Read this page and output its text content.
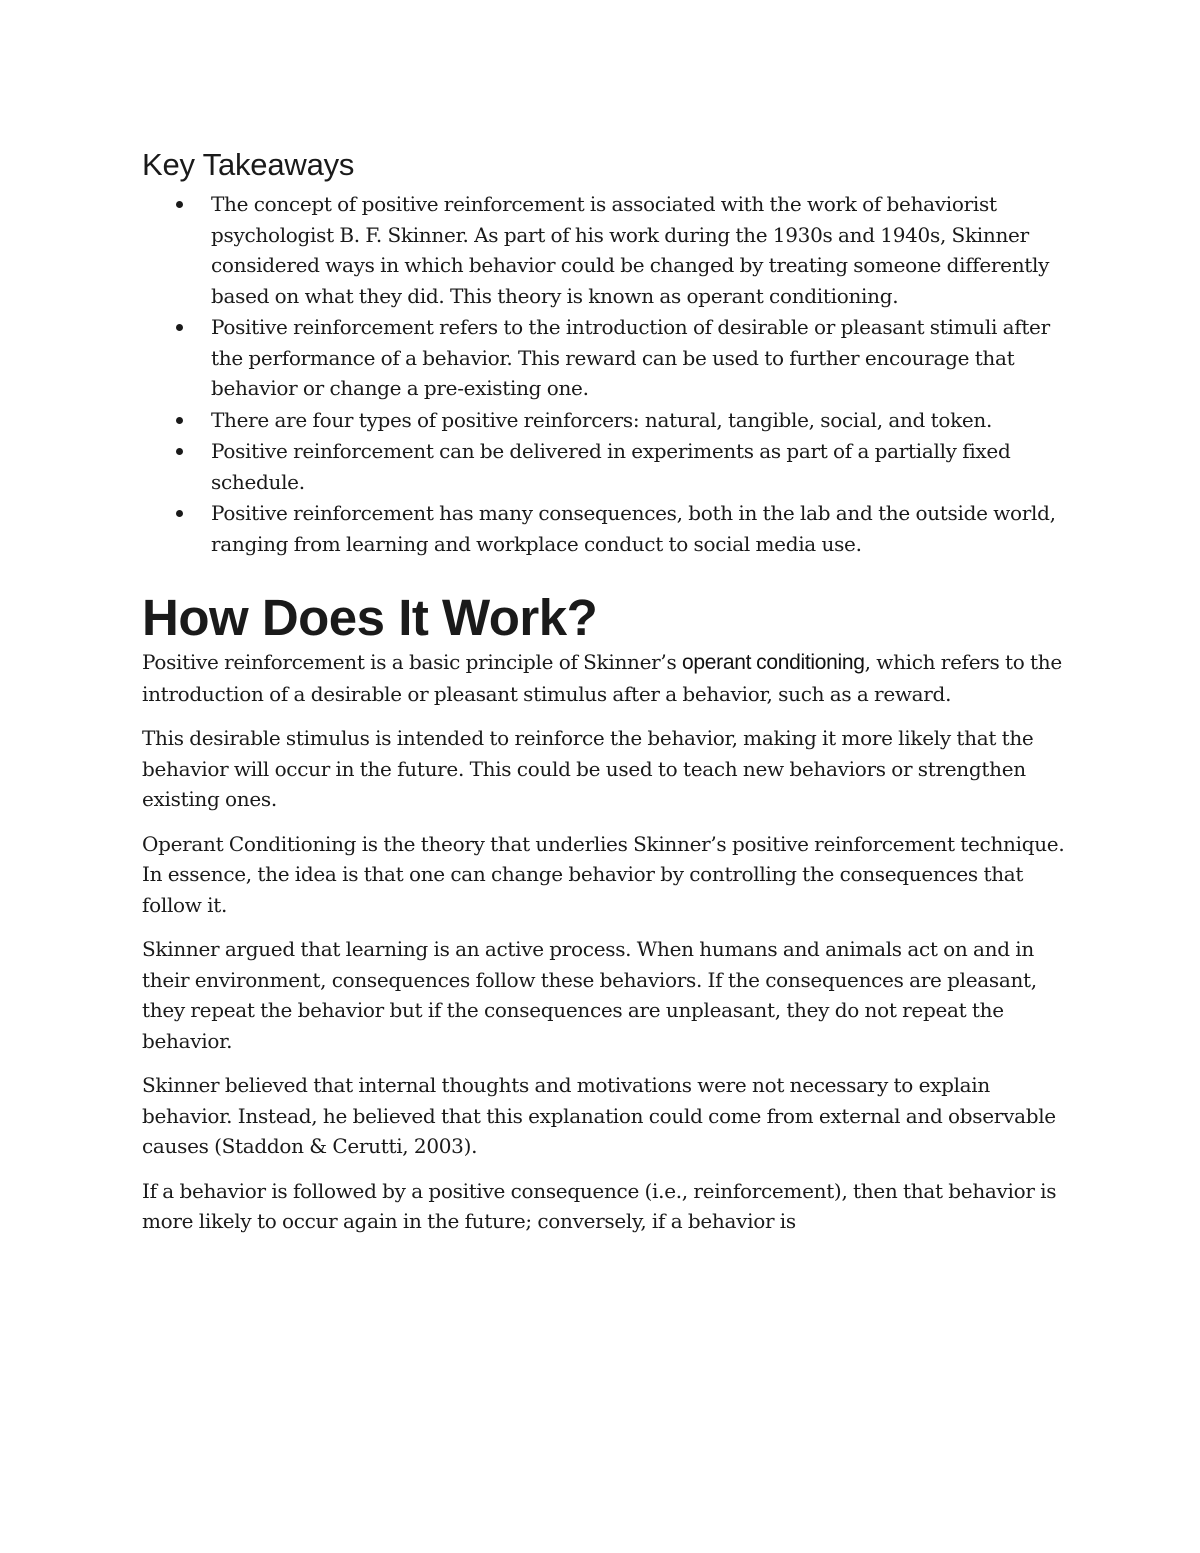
Key Takeaways
The concept of positive reinforcement is associated with the work of behaviorist psychologist B. F. Skinner. As part of his work during the 1930s and 1940s, Skinner considered ways in which behavior could be changed by treating someone differently based on what they did. This theory is known as operant conditioning.
Positive reinforcement refers to the introduction of desirable or pleasant stimuli after the performance of a behavior. This reward can be used to further encourage that behavior or change a pre-existing one.
There are four types of positive reinforcers: natural, tangible, social, and token.
Positive reinforcement can be delivered in experiments as part of a partially fixed schedule.
Positive reinforcement has many consequences, both in the lab and the outside world, ranging from learning and workplace conduct to social media use.
How Does It Work?

Positive reinforcement is a basic principle of Skinner’s operant conditioning, which refers to the introduction of a desirable or pleasant stimulus after a behavior, such as a reward.

This desirable stimulus is intended to reinforce the behavior, making it more likely that the behavior will occur in the future. This could be used to teach new behaviors or strengthen existing ones.

Operant Conditioning is the theory that underlies Skinner’s positive reinforcement technique. In essence, the idea is that one can change behavior by controlling the consequences that follow it.

Skinner argued that learning is an active process. When humans and animals act on and in their environment, consequences follow these behaviors. If the consequences are pleasant, they repeat the behavior but if the consequences are unpleasant, they do not repeat the behavior.

Skinner believed that internal thoughts and motivations were not necessary to explain behavior. Instead, he believed that this explanation could come from external and observable causes (Staddon & Cerutti, 2003).

If a behavior is followed by a positive consequence (i.e., reinforcement), then that behavior is more likely to occur again in the future; conversely, if a behavior is
